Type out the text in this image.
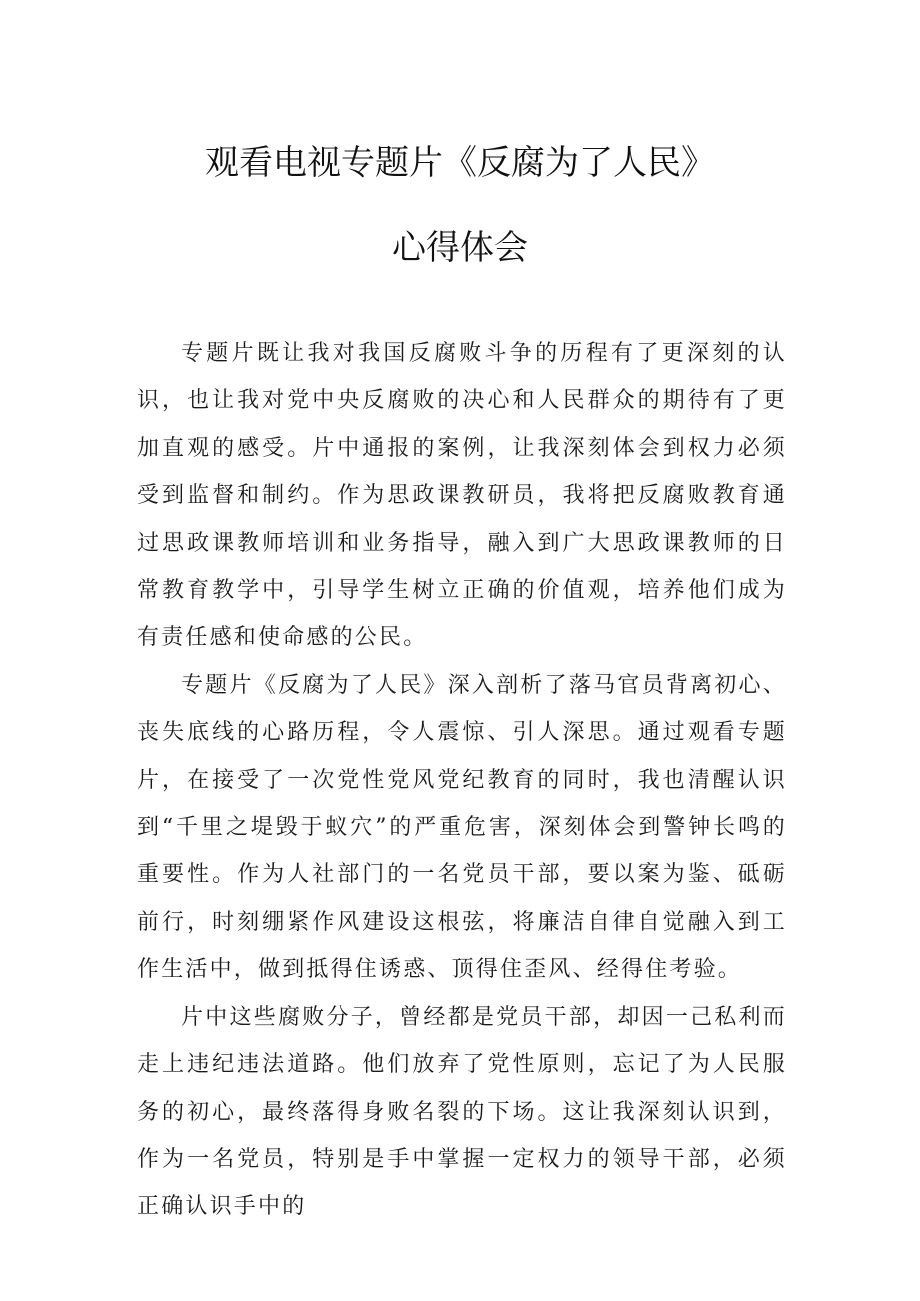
观看电视专题片《反腐为了人民》
心得体会

专题片既让我对我国反腐败斗争的历程有了更深刻的认识，也让我对党中央反腐败的决心和人民群众的期待有了更加直观的感受。片中通报的案例，让我深刻体会到权力必须受到监督和制约。作为思政课教研员，我将把反腐败教育通过思政课教师培训和业务指导，融入到广大思政课教师的日常教育教学中，引导学生树立正确的价值观，培养他们成为有责任感和使命感的公民。

专题片《反腐为了人民》深入剖析了落马官员背离初心、丧失底线的心路历程，令人震惊、引人深思。通过观看专题片，在接受了一次党性党风党纪教育的同时，我也清醒认识到“千里之堤毁于蚁穴”的严重危害，深刻体会到警钟长鸣的重要性。作为人社部门的一名党员干部，要以案为鉴、砥砺前行，时刻绷紧作风建设这根弦，将廉洁自律自觉融入到工作生活中，做到抵得住诱惑、顶得住歪风、经得住考验。

片中这些腐败分子，曾经都是党员干部，却因一己私利而走上违纪违法道路。他们放弃了党性原则，忘记了为人民服务的初心，最终落得身败名裂的下场。这让我深刻认识到，作为一名党员，特别是手中掌握一定权力的领导干部，必须正确认识手中的
